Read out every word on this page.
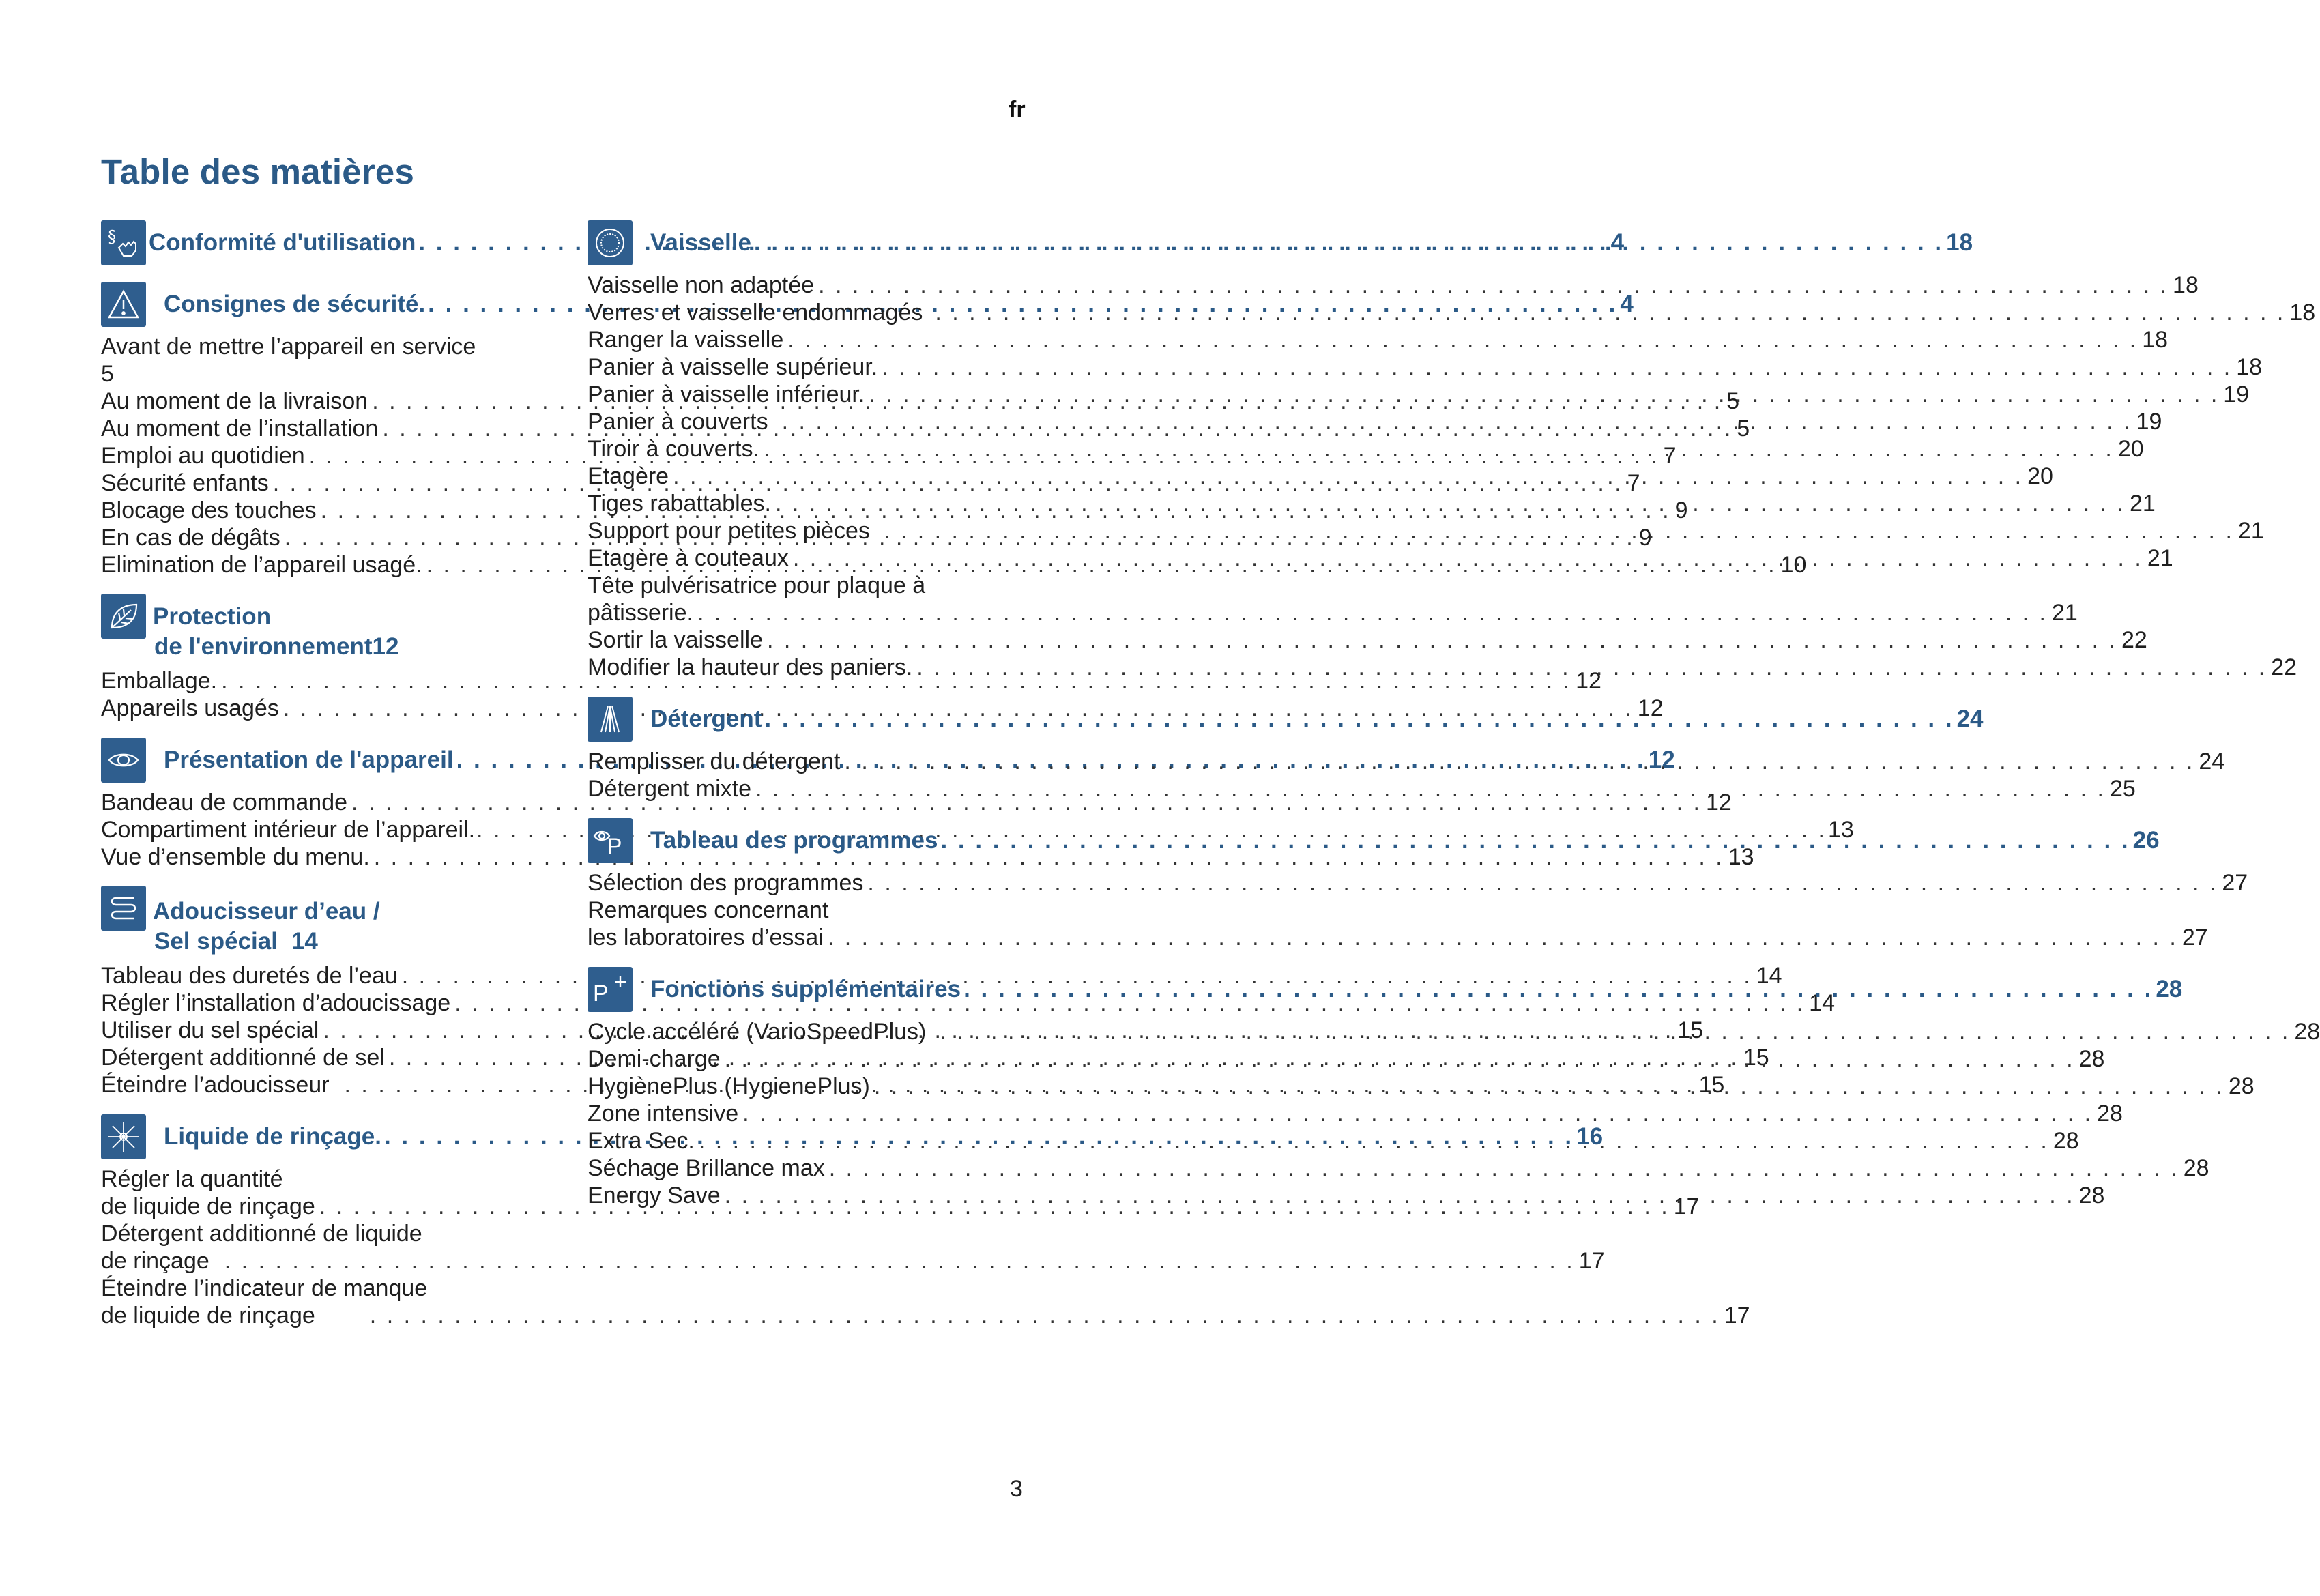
fr
Table des matières
§ Conformité d'utilisation . . .	4
Consignes de sécurité. . . .	4
Avant de mettre l’appareil en service
5
Au moment de la livraison . . .	5
Au moment de l’installation . . .	5
Emploi au quotidien . . .	7
Sécurité enfants . . .	7
Blocage des touches . . .	9
En cas de dégâts . . .	9
Elimination de l’appareil usagé. . . .	10
Protection
de l'environnement 12
Emballage. . . .	12
Appareils usagés . . .	12
Présentation de l'appareil . . .	12
Bandeau de commande . . .	12
Compartiment intérieur de l’appareil. . . .	13
Vue d’ensemble du menu. . . .	13
Adoucisseur d’eau /
Sel spécial 14
Tableau des duretés de l’eau . . .	14
Régler l’installation d’adoucissage . . .	14
Utiliser du sel spécial . . .	15
Détergent additionné de sel . . .	15
Éteindre l’adoucisseur . . .	15
Liquide de rinçage. . . .	16
Régler la quantité
de liquide de rinçage . . .	17
Détergent additionné de liquide
de rinçage . . .	17
Éteindre l’indicateur de manque
de liquide de rinçage . . .	17
Vaisselle . . .	18
Vaisselle non adaptée . . .	18
Verres et vaisselle endommagés . . .	18
Ranger la vaisselle . . .	18
Panier à vaisselle supérieur. . . .	18
Panier à vaisselle inférieur. . . .	19
Panier à couverts . . .	19
Tiroir à couverts. . . .	20
Etagère . . .	20
Tiges rabattables. . . .	21
Support pour petites pièces . . .	21
Etagère à couteaux . . .	21
Tête pulvérisatrice pour plaque à
pâtisserie. . . .	21
Sortir la vaisselle . . .	22
Modifier la hauteur des paniers. . . .	22
Détergent . . .	24
Remplisser du détergent . . .	24
Détergent mixte . . .	25
P Tableau des programmes . . .	26
Sélection des programmes . . .	27
Remarques concernant
les laboratoires d’essai . . .	27
P Fonctions supplémentaires . . .	28
Cycle accéléré (VarioSpeedPlus) . . .	28
Demi-charge . . .	28
HygiènePlus (HygienePlus) . . .	28
Zone intensive . . .	28
Extra Sec. . . .	28
Séchage Brillance max . . .	28
Energy Save . . .	28
3
